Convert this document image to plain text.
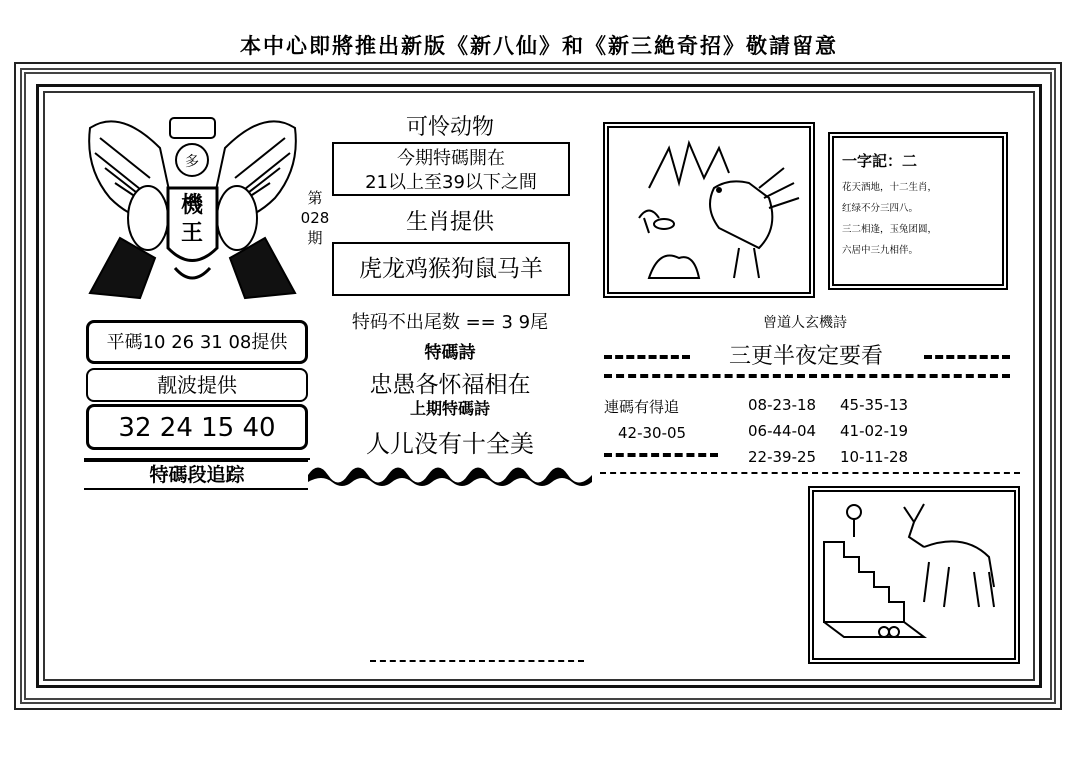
本中心即將推出新版《新八仙》和《新三絶奇招》敬請留意
多
機
王
第
028
期
平碼10 26 31 08提供
靓波提供
32 24 15 40
特碼段追踪
可怜动物
今期特碼開在
21以上至39以下之間
生肖提供
虎龙鸡猴狗鼠马羊
特码不出尾数 == 3 9尾
特碼詩
忠愚各怀福相在
上期特碼詩
人儿没有十全美
一字記：二
花天酒地，十二生肖，
红绿不分三四八。
三二相逢，玉兔团圆，
六居中三九相伴。
曾道人玄機詩
三更半夜定要看
連碼有得追
42-30-05
08-23-18 45-35-13
06-44-04 41-02-19
22-39-25 10-11-28
